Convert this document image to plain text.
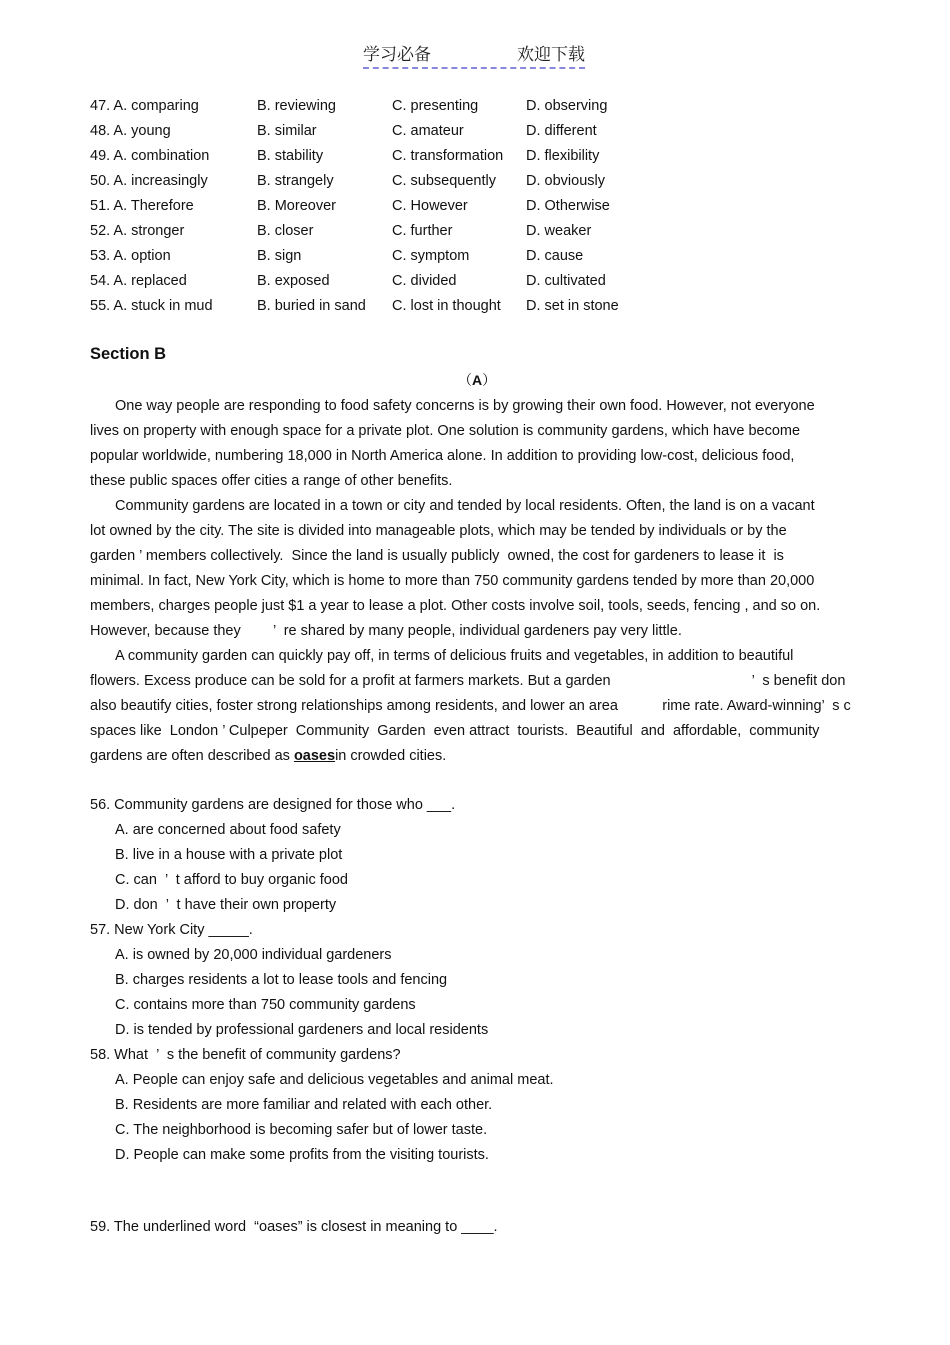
学习必备	欢迎下载
47. A. comparing	B. reviewing	C. presenting	D. observing
48. A. young	B. similar	C. amateur	D. different
49. A. combination	B. stability	C. transformation	D. flexibility
50. A. increasingly	B. strangely	C. subsequently	D. obviously
51. A. Therefore	B. Moreover	C. However	D. Otherwise
52. A. stronger	B. closer	C. further	D. weaker
53. A. option	B. sign	C. symptom	D. cause
54. A. replaced	B. exposed	C. divided	D. cultivated
55. A. stuck in mud	B. buried in sand	C. lost in thought	D. set in stone
Section B
（A）
One way people are responding to food safety concerns is by growing their own food. However, not everyone
lives on property with enough space for a private plot. One solution is community gardens, which have become
popular worldwide, numbering 18,000 in North America alone. In addition to providing low-cost, delicious food,
these public spaces offer cities a range of other benefits.
Community gardens are located in a town or city and tended by local residents. Often, the land is on a vacant
lot owned by the city. The site is divided into manageable plots, which may be tended by individuals or by the
garden ’ members collectively.  Since the land is usually publicly  owned, the cost for gardeners to lease it  is
minimal. In fact, New York City, which is home to more than 750 community gardens tended by more than 20,000
members, charges people just $1 a year to lease a plot. Other costs involve soil, tools, seeds, fencing , and so on.
However, because they        ’  re shared by many people, individual gardeners pay very little.
A community garden can quickly pay off, in terms of delicious fruits and vegetables, in addition to beautiful
flowers. Excess produce can be sold for a profit at farmers markets. But a garden                                   ’  s benefit don
also beautify cities, foster strong relationships among residents, and lower an area           rime rate. Award-winning’  s c
spaces like  London ’ Culpeper  Community  Garden  even attract  tourists.  Beautiful  and  affordable,  community
gardens are often described as oasesin crowded cities.
56. Community gardens are designed for those who ___.
A. are concerned about food safety
B. live in a house with a private plot
C. can  ’  t afford to buy organic food
D. don  ’  t have their own property
57. New York City _____.
A. is owned by 20,000 individual gardeners
B. charges residents a lot to lease tools and fencing
C. contains more than 750 community gardens
D. is tended by professional gardeners and local residents
58. What  ’  s the benefit of community gardens?
A. People can enjoy safe and delicious vegetables and animal meat.
B. Residents are more familiar and related with each other.
C. The neighborhood is becoming safer but of lower taste.
D. People can make some profits from the visiting tourists.
59. The underlined word  “oases” is closest in meaning to ____.
